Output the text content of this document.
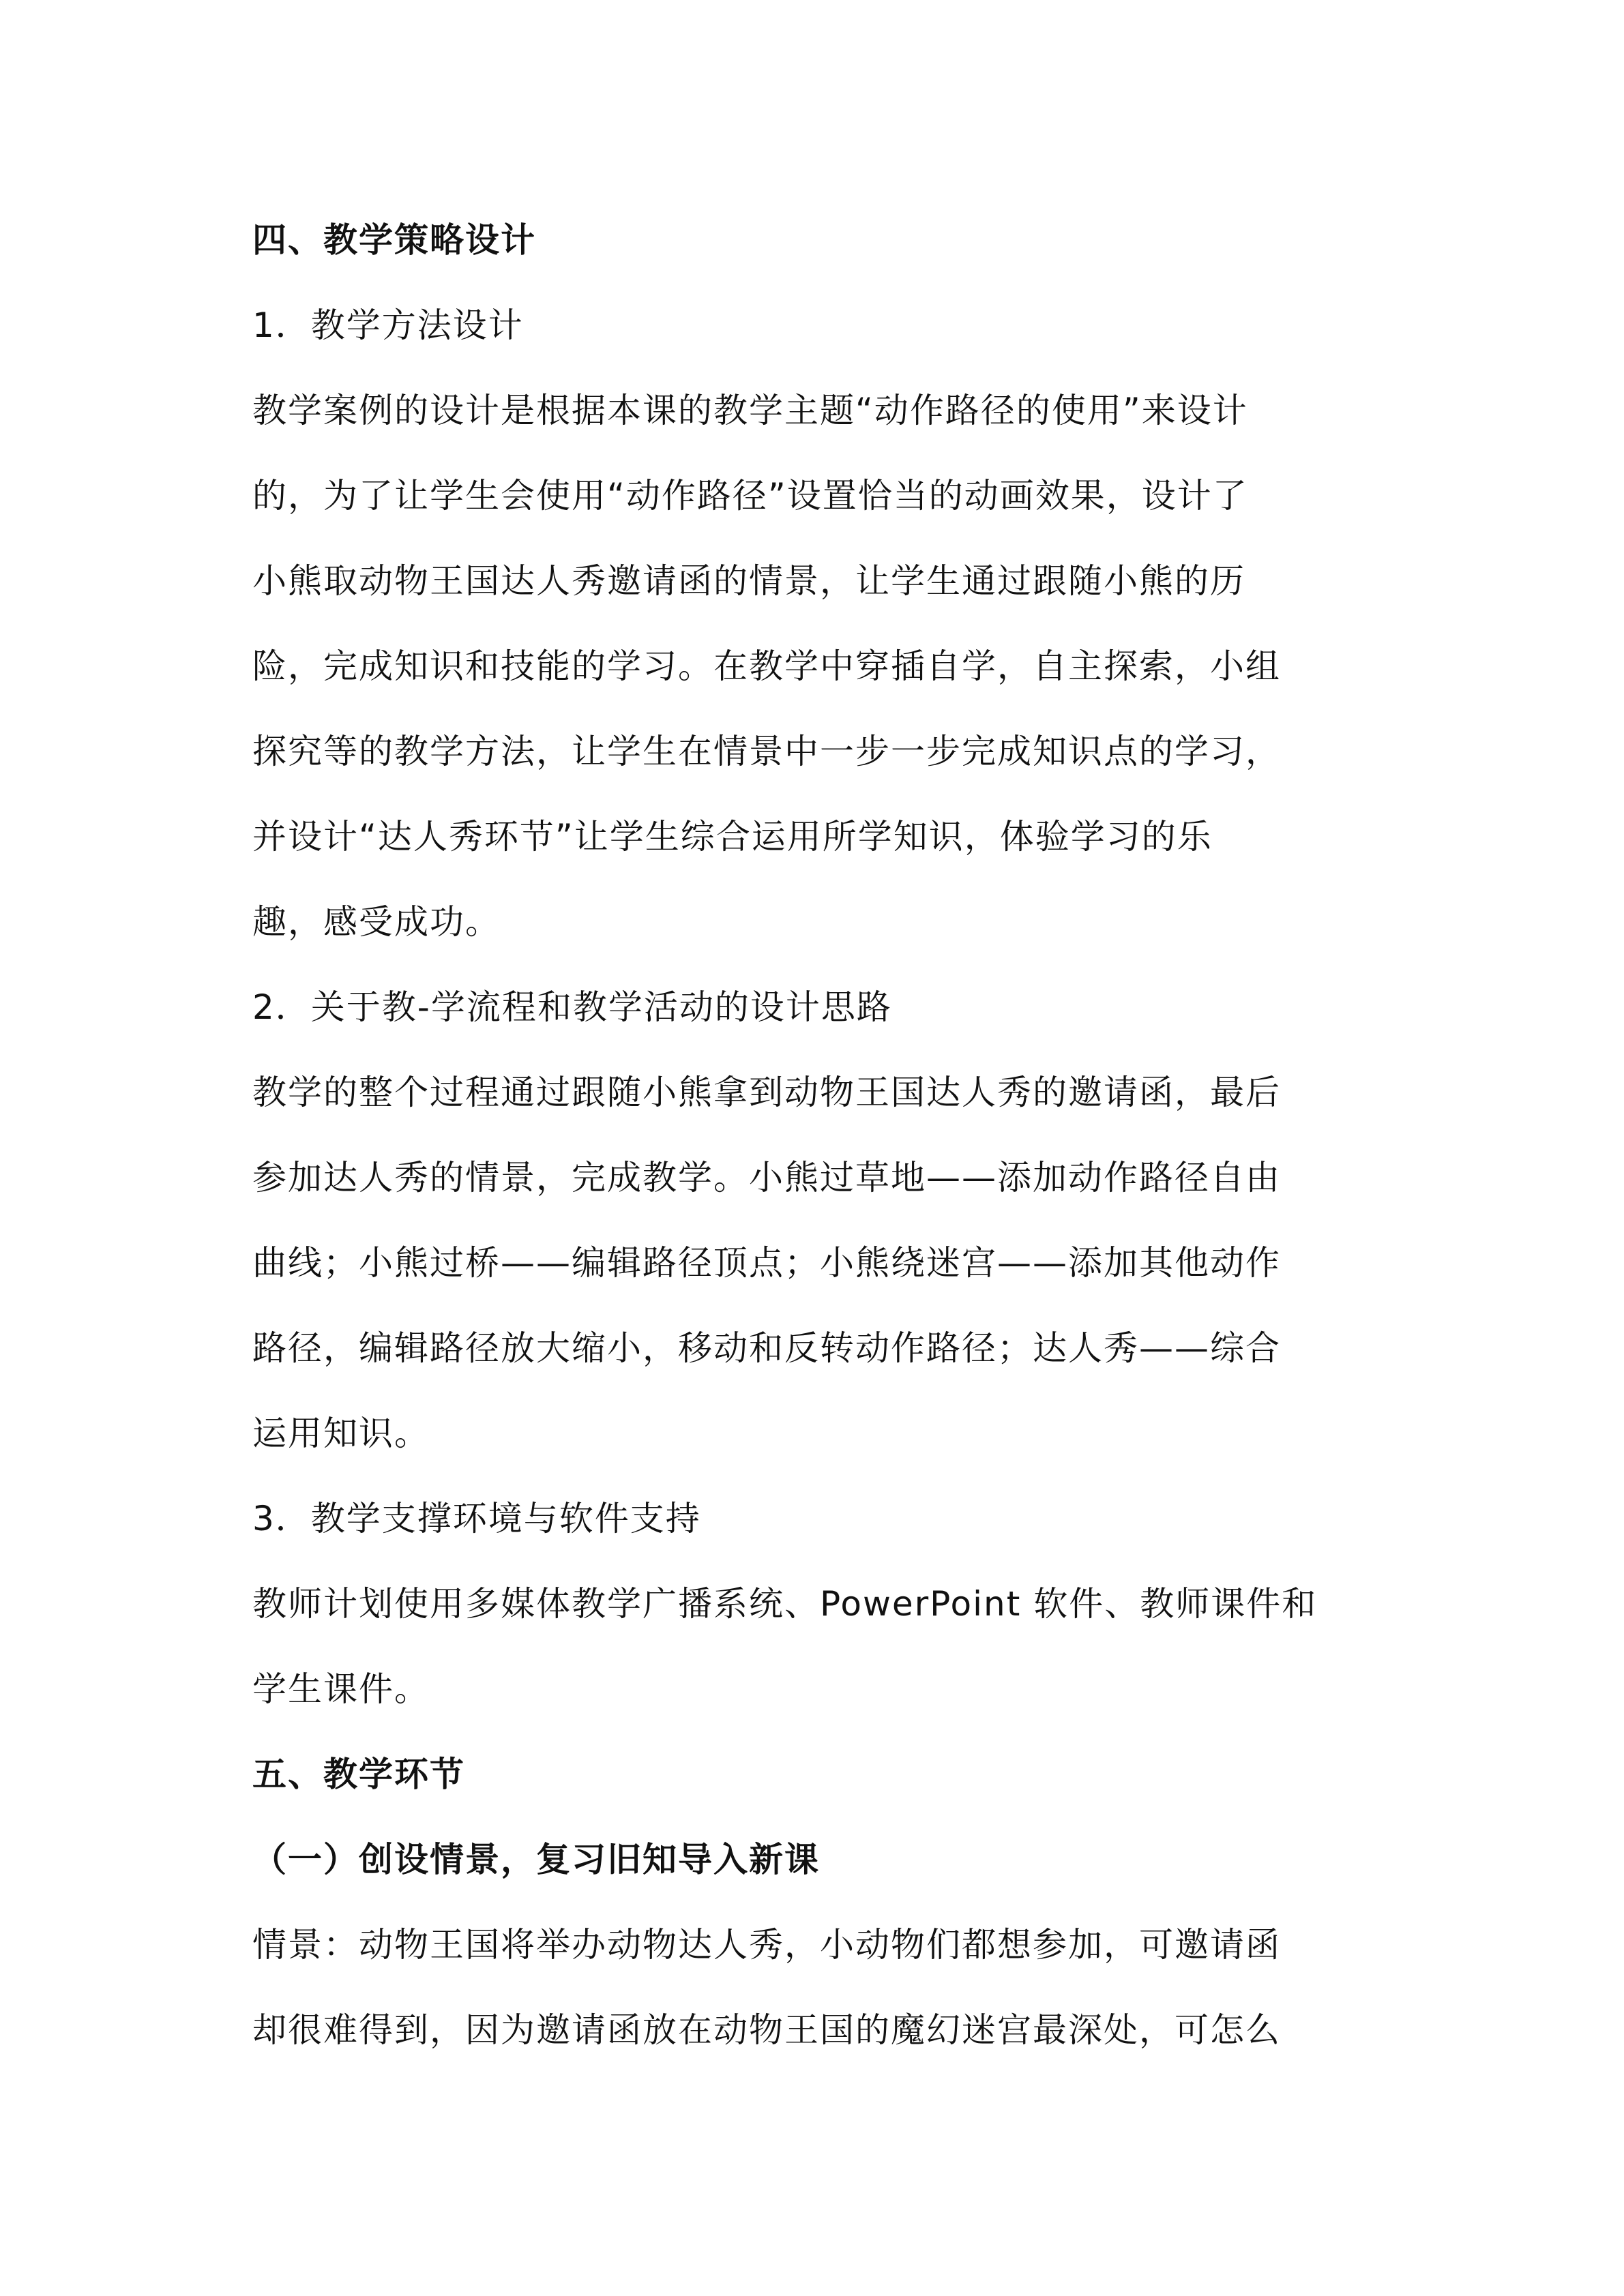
四、教学策略设计
1．教学方法设计
教学案例的设计是根据本课的教学主题“动作路径的使用”来设计
的，为了让学生会使用“动作路径”设置恰当的动画效果，设计了
小熊取动物王国达人秀邀请函的情景，让学生通过跟随小熊的历
险，完成知识和技能的学习。在教学中穿插自学，自主探索，小组
探究等的教学方法，让学生在情景中一步一步完成知识点的学习，
并设计“达人秀环节”让学生综合运用所学知识，体验学习的乐
趣，感受成功。
2．关于教-学流程和教学活动的设计思路
教学的整个过程通过跟随小熊拿到动物王国达人秀的邀请函，最后
参加达人秀的情景，完成教学。小熊过草地——添加动作路径自由
曲线；小熊过桥——编辑路径顶点；小熊绕迷宫——添加其他动作
路径，编辑路径放大缩小，移动和反转动作路径；达人秀——综合
运用知识。
3．教学支撑环境与软件支持
教师计划使用多媒体教学广播系统、PowerPoint 软件、教师课件和
学生课件。
五、教学环节
（一）创设情景，复习旧知导入新课
情景：动物王国将举办动物达人秀，小动物们都想参加，可邀请函
却很难得到，因为邀请函放在动物王国的魔幻迷宫最深处，可怎么
